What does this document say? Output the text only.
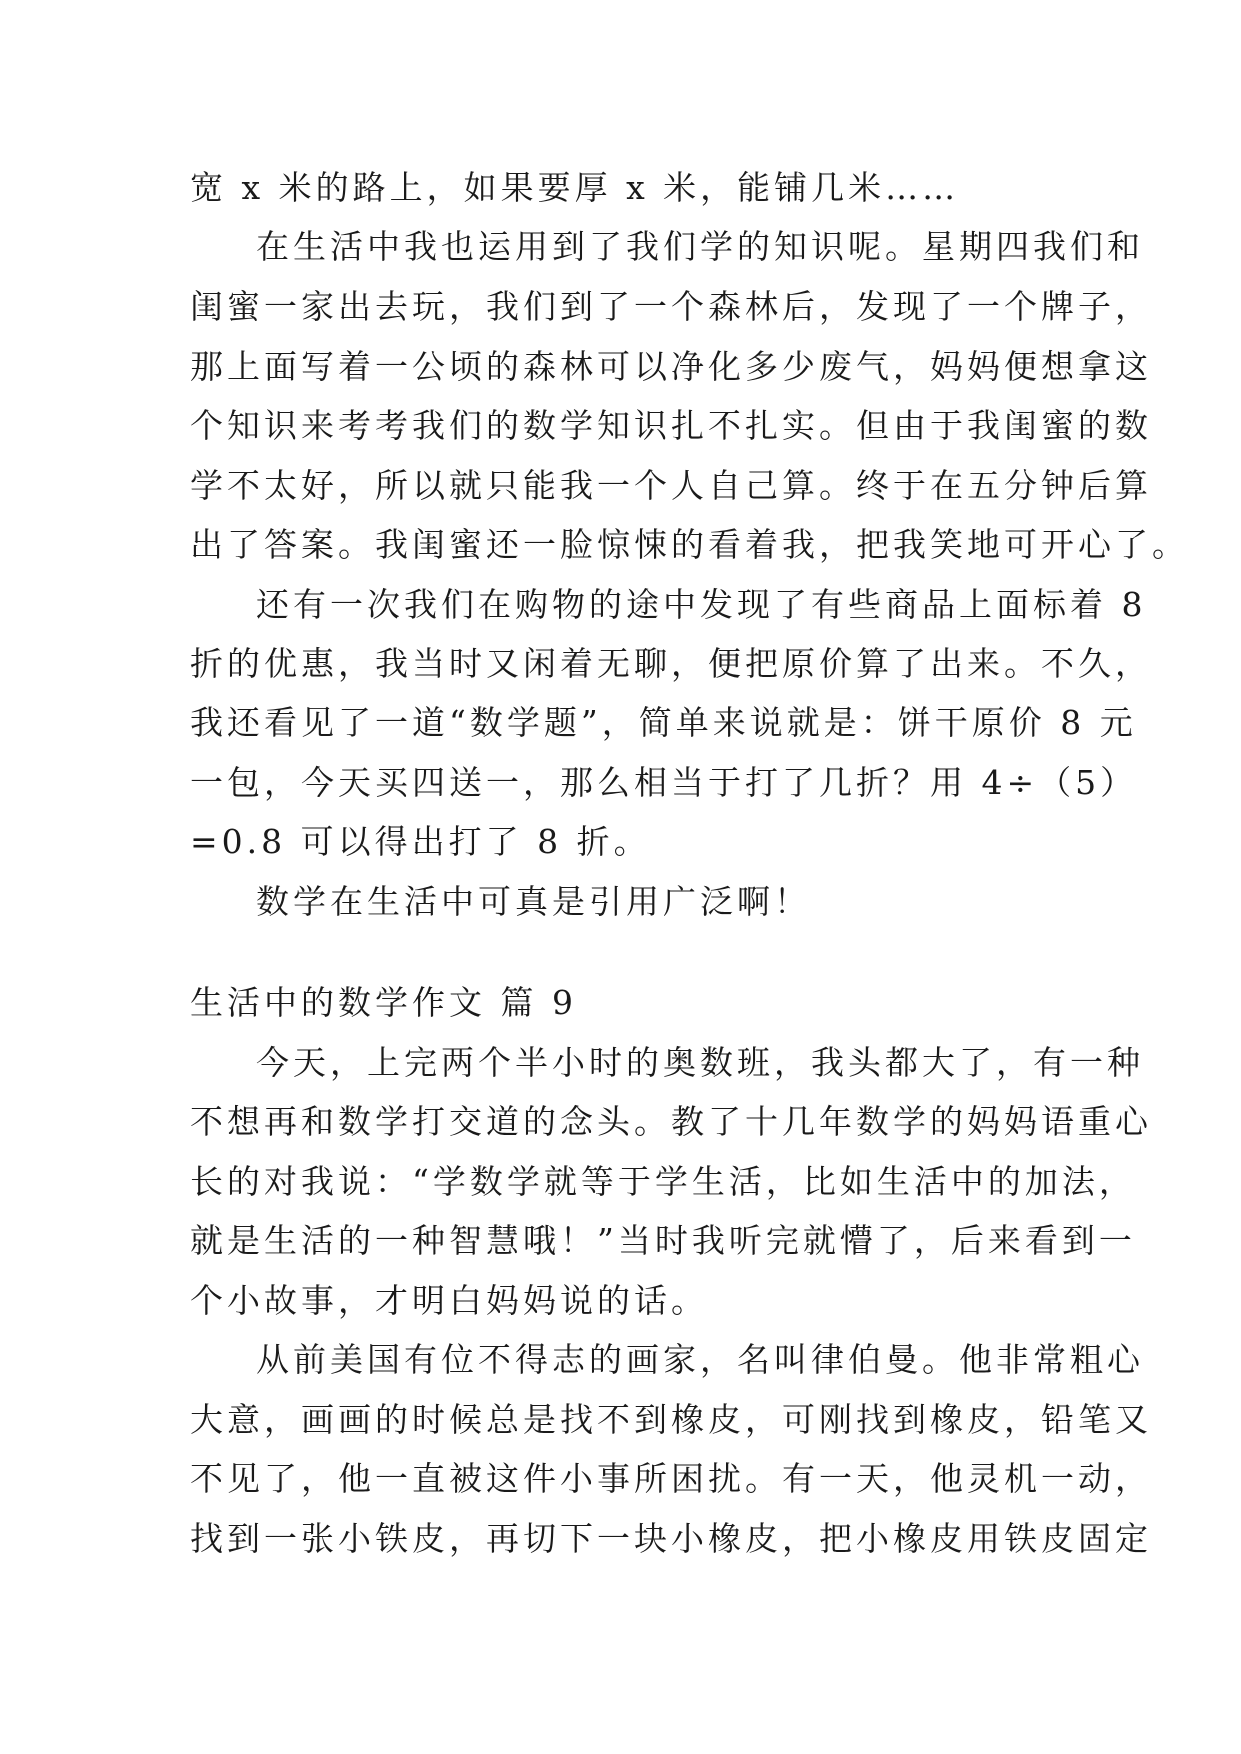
宽 x 米的路上，如果要厚 x 米，能铺几米……
在生活中我也运用到了我们学的知识呢。星期四我们和
闺蜜一家出去玩，我们到了一个森林后，发现了一个牌子，
那上面写着一公顷的森林可以净化多少废气，妈妈便想拿这
个知识来考考我们的数学知识扎不扎实。但由于我闺蜜的数
学不太好，所以就只能我一个人自己算。终于在五分钟后算
出了答案。我闺蜜还一脸惊悚的看着我，把我笑地可开心了。
还有一次我们在购物的途中发现了有些商品上面标着 8
折的优惠，我当时又闲着无聊，便把原价算了出来。不久，
我还看见了一道“数学题”，简单来说就是：饼干原价 8 元
一包，今天买四送一，那么相当于打了几折？用 4÷（5）
=0.8 可以得出打了 8 折。
数学在生活中可真是引用广泛啊！
生活中的数学作文 篇 9
今天，上完两个半小时的奥数班，我头都大了，有一种
不想再和数学打交道的念头。教了十几年数学的妈妈语重心
长的对我说：“学数学就等于学生活，比如生活中的加法，
就是生活的一种智慧哦！”当时我听完就懵了，后来看到一
个小故事，才明白妈妈说的话。
从前美国有位不得志的画家，名叫律伯曼。他非常粗心
大意，画画的时候总是找不到橡皮，可刚找到橡皮，铅笔又
不见了，他一直被这件小事所困扰。有一天，他灵机一动，
找到一张小铁皮，再切下一块小橡皮，把小橡皮用铁皮固定
